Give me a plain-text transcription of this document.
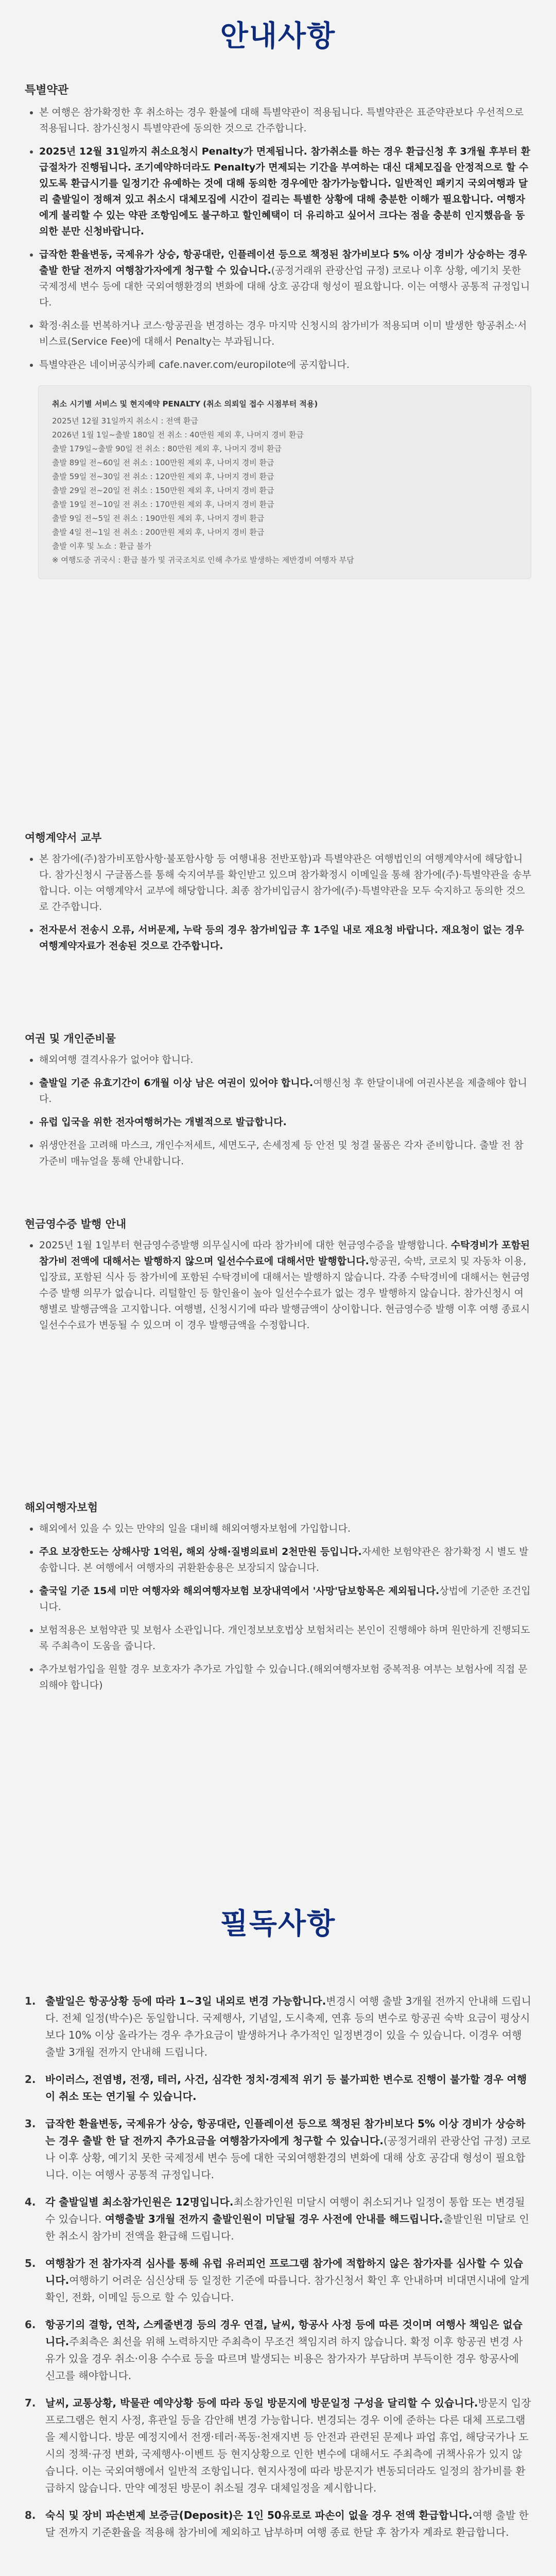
안내사항
특별약관
• 본 여행은 참가확정한 후 취소하는 경우 환불에 대해 특별약관이 적용됩니다. 특별약관은 표준약관보다 우선적으로 적용됩니다. 참가신청시 특별약관에 동의한 것으로 간주합니다.
• 2025년 12월 31일까지 취소요청시 Penalty가 면제됩니다. 참가취소를 하는 경우 환급신청 후 3개월 후부터 환급절차가 진행됩니다. 조기예약하더라도 Penalty가 면제되는 기간을 부여하는 대신 대체모집을 안정적으로 할 수 있도록 환급시기를 일정기간 유예하는 것에 대해 동의한 경우에만 참가가능합니다. 일반적인 패키지 국외여행과 달리 출발일이 정해져 있고 취소시 대체모집에 시간이 걸리는 특별한 상황에 대해 충분한 이해가 필요합니다. 여행자에게 불리할 수 있는 약관 조항임에도 불구하고 할인혜택이 더 유리하고 싶어서 크다는 점을 충분히 인지했음을 동의한 분만 신청바랍니다.
• 급작한 환율변동, 국제유가 상승, 항공대란, 인플레이션 등으로 책정된 참가비보다 5% 이상 경비가 상승하는 경우 출발 한달 전까지 여행참가자에게 청구할 수 있습니다.(공정거래위 관광산업 규정) 코로나 이후 상황, 예기치 못한 국제정세 변수 등에 대한 국외여행환경의 변화에 대해 상호 공감대 형성이 필요합니다. 이는 여행사 공통적 규정입니다.
• 확정·취소를 번복하거나 코스·항공권을 변경하는 경우 마지막 신청시의 참가비가 적용되며 이미 발생한 항공취소·서비스료(Service Fee)에 대해서 Penalty는 부과됩니다.
• 특별약관은 네이버공식카페 cafe.naver.com/europilote에 공지합니다.
취소 시기별 서비스 및 현지예약 PENALTY (취소 의뢰일 접수 시점부터 적용)
2025년 12월 31일까지 취소시 : 전액 환급
2026년 1월 1일~출발 180일 전 취소 : 40만원 제외 후, 나머지 경비 환급
출발 179일~출발 90일 전 취소 : 80만원 제외 후, 나머지 경비 환급
출발 89일 전~60일 전 취소 : 100만원 제외 후, 나머지 경비 환급
출발 59일 전~30일 전 취소 : 120만원 제외 후, 나머지 경비 환급
출발 29일 전~20일 전 취소 : 150만원 제외 후, 나머지 경비 환급
출발 19일 전~10일 전 취소 : 170만원 제외 후, 나머지 경비 환급
출발 9일 전~5일 전 취소 : 190만원 제외 후, 나머지 경비 환급
출발 4일 전~1일 전 취소 : 200만원 제외 후, 나머지 경비 환급
출발 이후 및 노쇼 : 환급 불가
※ 여행도중 귀국시 : 환급 불가 및 귀국조치로 인해 추가로 발생하는 제반경비 여행자 부담
여행계약서 교부
• 본 참가에(주)참가비포함사항·불포함사항 등 여행내용 전반포함)과 특별약관은 여행법인의 여행계약서에 해당합니다. 참가신청시 구글폼스를 통해 숙지여부를 확인받고 있으며 참가확정시 이메일을 통해 참가에(주)·특별약관을 송부합니다. 이는 여행계약서 교부에 해당합니다. 최종 참가비입금시 참가에(주)·특별약관을 모두 숙지하고 동의한 것으로 간주합니다.
• 전자문서 전송시 오류, 서버문제, 누락 등의 경우 참가비입금 후 1주일 내로 재요청 바랍니다. 재요청이 없는 경우 여행계약자료가 전송된 것으로 간주합니다.
여권 및 개인준비물
• 해외여행 결격사유가 없어야 합니다.
• 출발일 기준 유효기간이 6개월 이상 남은 여권이 있어야 합니다.여행신청 후 한달이내에 여권사본을 제출해야 합니다.
• 유럽 입국을 위한 전자여행허가는 개별적으로 발급합니다.
• 위생안전을 고려해 마스크, 개인수저세트, 세면도구, 손세정제 등 안전 및 청결 물품은 각자 준비합니다. 출발 전 참가준비 매뉴얼을 통해 안내합니다.
현금영수증 발행 안내
• 2025년 1월 1일부터 현금영수증발행 의무실시에 따라 참가비에 대한 현금영수증을 발행합니다. 수탁경비가 포함된 참가비 전액에 대해서는 발행하지 않으며 일선수수료에 대해서만 발행합니다.항공권, 숙박, 코로치 및 자동차 이용, 입장료, 포함된 식사 등 참가비에 포함된 수탁경비에 대해서는 발행하지 않습니다. 각종 수탁경비에 대해서는 현금영수증 발행 의무가 없습니다. 리털할인 등 할인율이 높아 일선수수료가 없는 경우 발행하지 않습니다. 참가신청시 여행별로 발행금액을 고지합니다. 여행별, 신청시기에 따라 발행금액이 상이합니다. 현금영수증 발행 이후 여행 종료시 일선수수료가 변동될 수 있으며 이 경우 발행금액을 수정합니다.
해외여행자보험
• 해외에서 있을 수 있는 만약의 일을 대비해 해외여행자보험에 가입합니다.
• 주요 보장한도는 상해사망 1억원, 해외 상해·질병의료비 2천만원 등입니다.자세한 보험약관은 참가확정 시 별도 발송합니다. 본 여행에서 여행자의 귀환환송용은 보장되지 않습니다.
• 출국일 기준 15세 미만 여행자와 해외여행자보험 보장내역에서 '사망'담보항목은 제외됩니다.상법에 기준한 조건입니다.
• 보험적용은 보험약관 및 보험사 소관입니다. 개인정보보호법상 보험처리는 본인이 진행해야 하며 원만하게 진행되도록 주최측이 도움을 줍니다.
• 추가보험가입을 원할 경우 보호자가 추가로 가입할 수 있습니다.(해외여행자보험 중복적용 여부는 보험사에 직접 문의해야 합니다)
필독사항
1. 출발일은 항공상황 등에 따라 1~3일 내외로 변경 가능합니다.변경시 여행 출발 3개월 전까지 안내해 드립니다. 전체 일정(박수)은 동일합니다. 국제행사, 기념일, 도시축제, 연휴 등의 변수로 항공권 숙박 요금이 평상시보다 10% 이상 올라가는 경우 추가요금이 발생하거나 추가적인 일정변경이 있을 수 있습니다. 이경우 여행출발 3개월 전까지 안내해 드립니다.
2. 바이러스, 전염병, 전쟁, 테러, 사건, 심각한 정치·경제적 위기 등 불가피한 변수로 진행이 불가할 경우 여행이 취소 또는 연기될 수 있습니다.
3. 급작한 환율변동, 국제유가 상승, 항공대란, 인플레이션 등으로 책정된 참가비보다 5% 이상 경비가 상승하는 경우 출발 한 달 전까지 추가요금을 여행참가자에게 청구할 수 있습니다.(공정거래위 관광산업 규정) 코로나 이후 상황, 예기치 못한 국제정세 변수 등에 대한 국외여행환경의 변화에 대해 상호 공감대 형성이 필요합니다. 이는 여행사 공통적 규정입니다.
4. 각 출발일별 최소참가인원은 12명입니다.최소참가인원 미달시 여행이 취소되거나 일정이 통합 또는 변경될 수 있습니다. 여행출발 3개월 전까지 출발인원이 미달될 경우 사전에 안내를 해드립니다.출발인원 미달로 인한 취소시 참가비 전액을 환급해 드립니다.
5. 여행참가 전 참가자격 심사를 통해 유럽 유러피언 프로그램 참가에 적합하지 않은 참가자를 심사할 수 있습니다.여행하기 어려운 심신상태 등 일정한 기준에 따릅니다. 참가신청서 확인 후 안내하며 비대면시내에 알게 확인, 전화, 이메일 등으로 할 수 있습니다.
6. 항공기의 결항, 연착, 스케줄변경 등의 경우 연결, 날씨, 항공사 사정 등에 따른 것이며 여행사 책임은 없습니다.주최측은 최선을 위해 노력하지만 주최측이 무조건 책임지려 하지 않습니다. 확정 이후 항공권 변경 사유가 있을 경우 취소·이용 수수료 등을 따르며 발생되는 비용은 참가자가 부담하며 부득이한 경우 항공사에 신고를 해야합니다.
7. 날씨, 교통상황, 박물관 예약상황 등에 따라 동일 방문지에 방문일정 구성을 달리할 수 있습니다.방문지 입장 프로그램은 현지 사정, 휴관일 등을 감안해 변경 가능합니다. 변경되는 경우 이에 준하는 다른 대체 프로그램을 제시합니다. 방문 예정지에서 전쟁·테러·폭동·천재지변 등 안전과 관련된 문제나 파업 휴업, 해당국가나 도시의 정책·규정 변화, 국제행사·이벤트 등 현지상황으로 인한 변수에 대해서도 주최측에 귀책사유가 있지 않습니다. 이는 국외여행에서 일반적 조항입니다. 현지사정에 따라 방문지가 변동되더라도 일정의 참가비를 환급하지 않습니다. 만약 예정된 방문이 취소될 경우 대체일정을 제시합니다.
8. 숙식 및 장비 파손변제 보증금(Deposit)은 1인 50유로로 파손이 없을 경우 전액 환급합니다.여행 출발 한달 전까지 기준환율을 적용해 참가비에 제외하고 납부하며 여행 종료 한달 후 참가자 계좌로 환급합니다.
